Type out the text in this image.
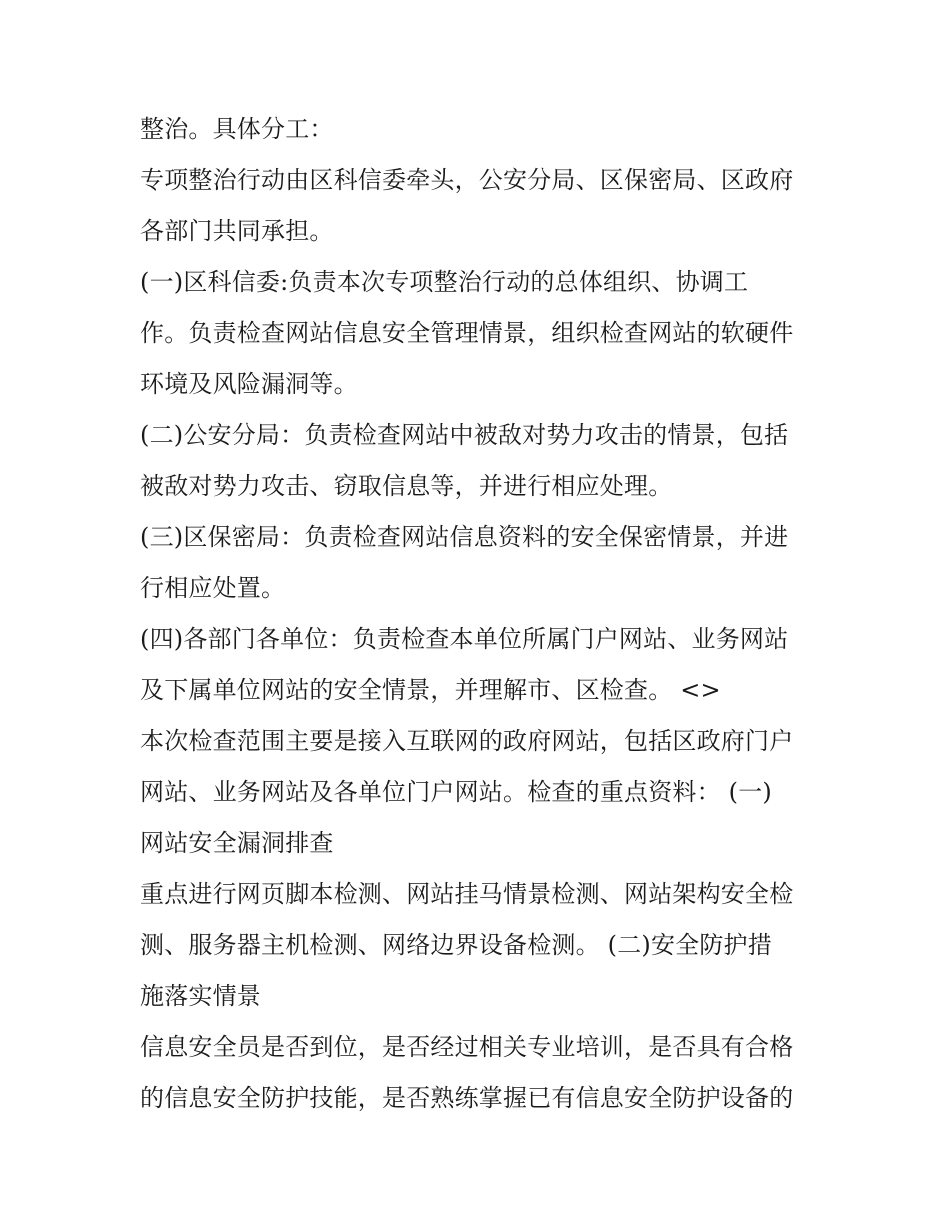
整治。具体分工：
专项整治行动由区科信委牵头，公安分局、区保密局、区政府
各部门共同承担。
(一)区科信委:负责本次专项整治行动的总体组织、协调工
作。负责检查网站信息安全管理情景，组织检查网站的软硬件
环境及风险漏洞等。
(二)公安分局：负责检查网站中被敌对势力攻击的情景，包括
被敌对势力攻击、窃取信息等，并进行相应处理。
(三)区保密局：负责检查网站信息资料的安全保密情景，并进
行相应处置。
(四)各部门各单位：负责检查本单位所属门户网站、业务网站
及下属单位网站的安全情景，并理解市、区检查。 <>
本次检查范围主要是接入互联网的政府网站，包括区政府门户
网站、业务网站及各单位门户网站。检查的重点资料： (一)
网站安全漏洞排查
重点进行网页脚本检测、网站挂马情景检测、网站架构安全检
测、服务器主机检测、网络边界设备检测。 (二)安全防护措
施落实情景
信息安全员是否到位，是否经过相关专业培训，是否具有合格
的信息安全防护技能，是否熟练掌握已有信息安全防护设备的
